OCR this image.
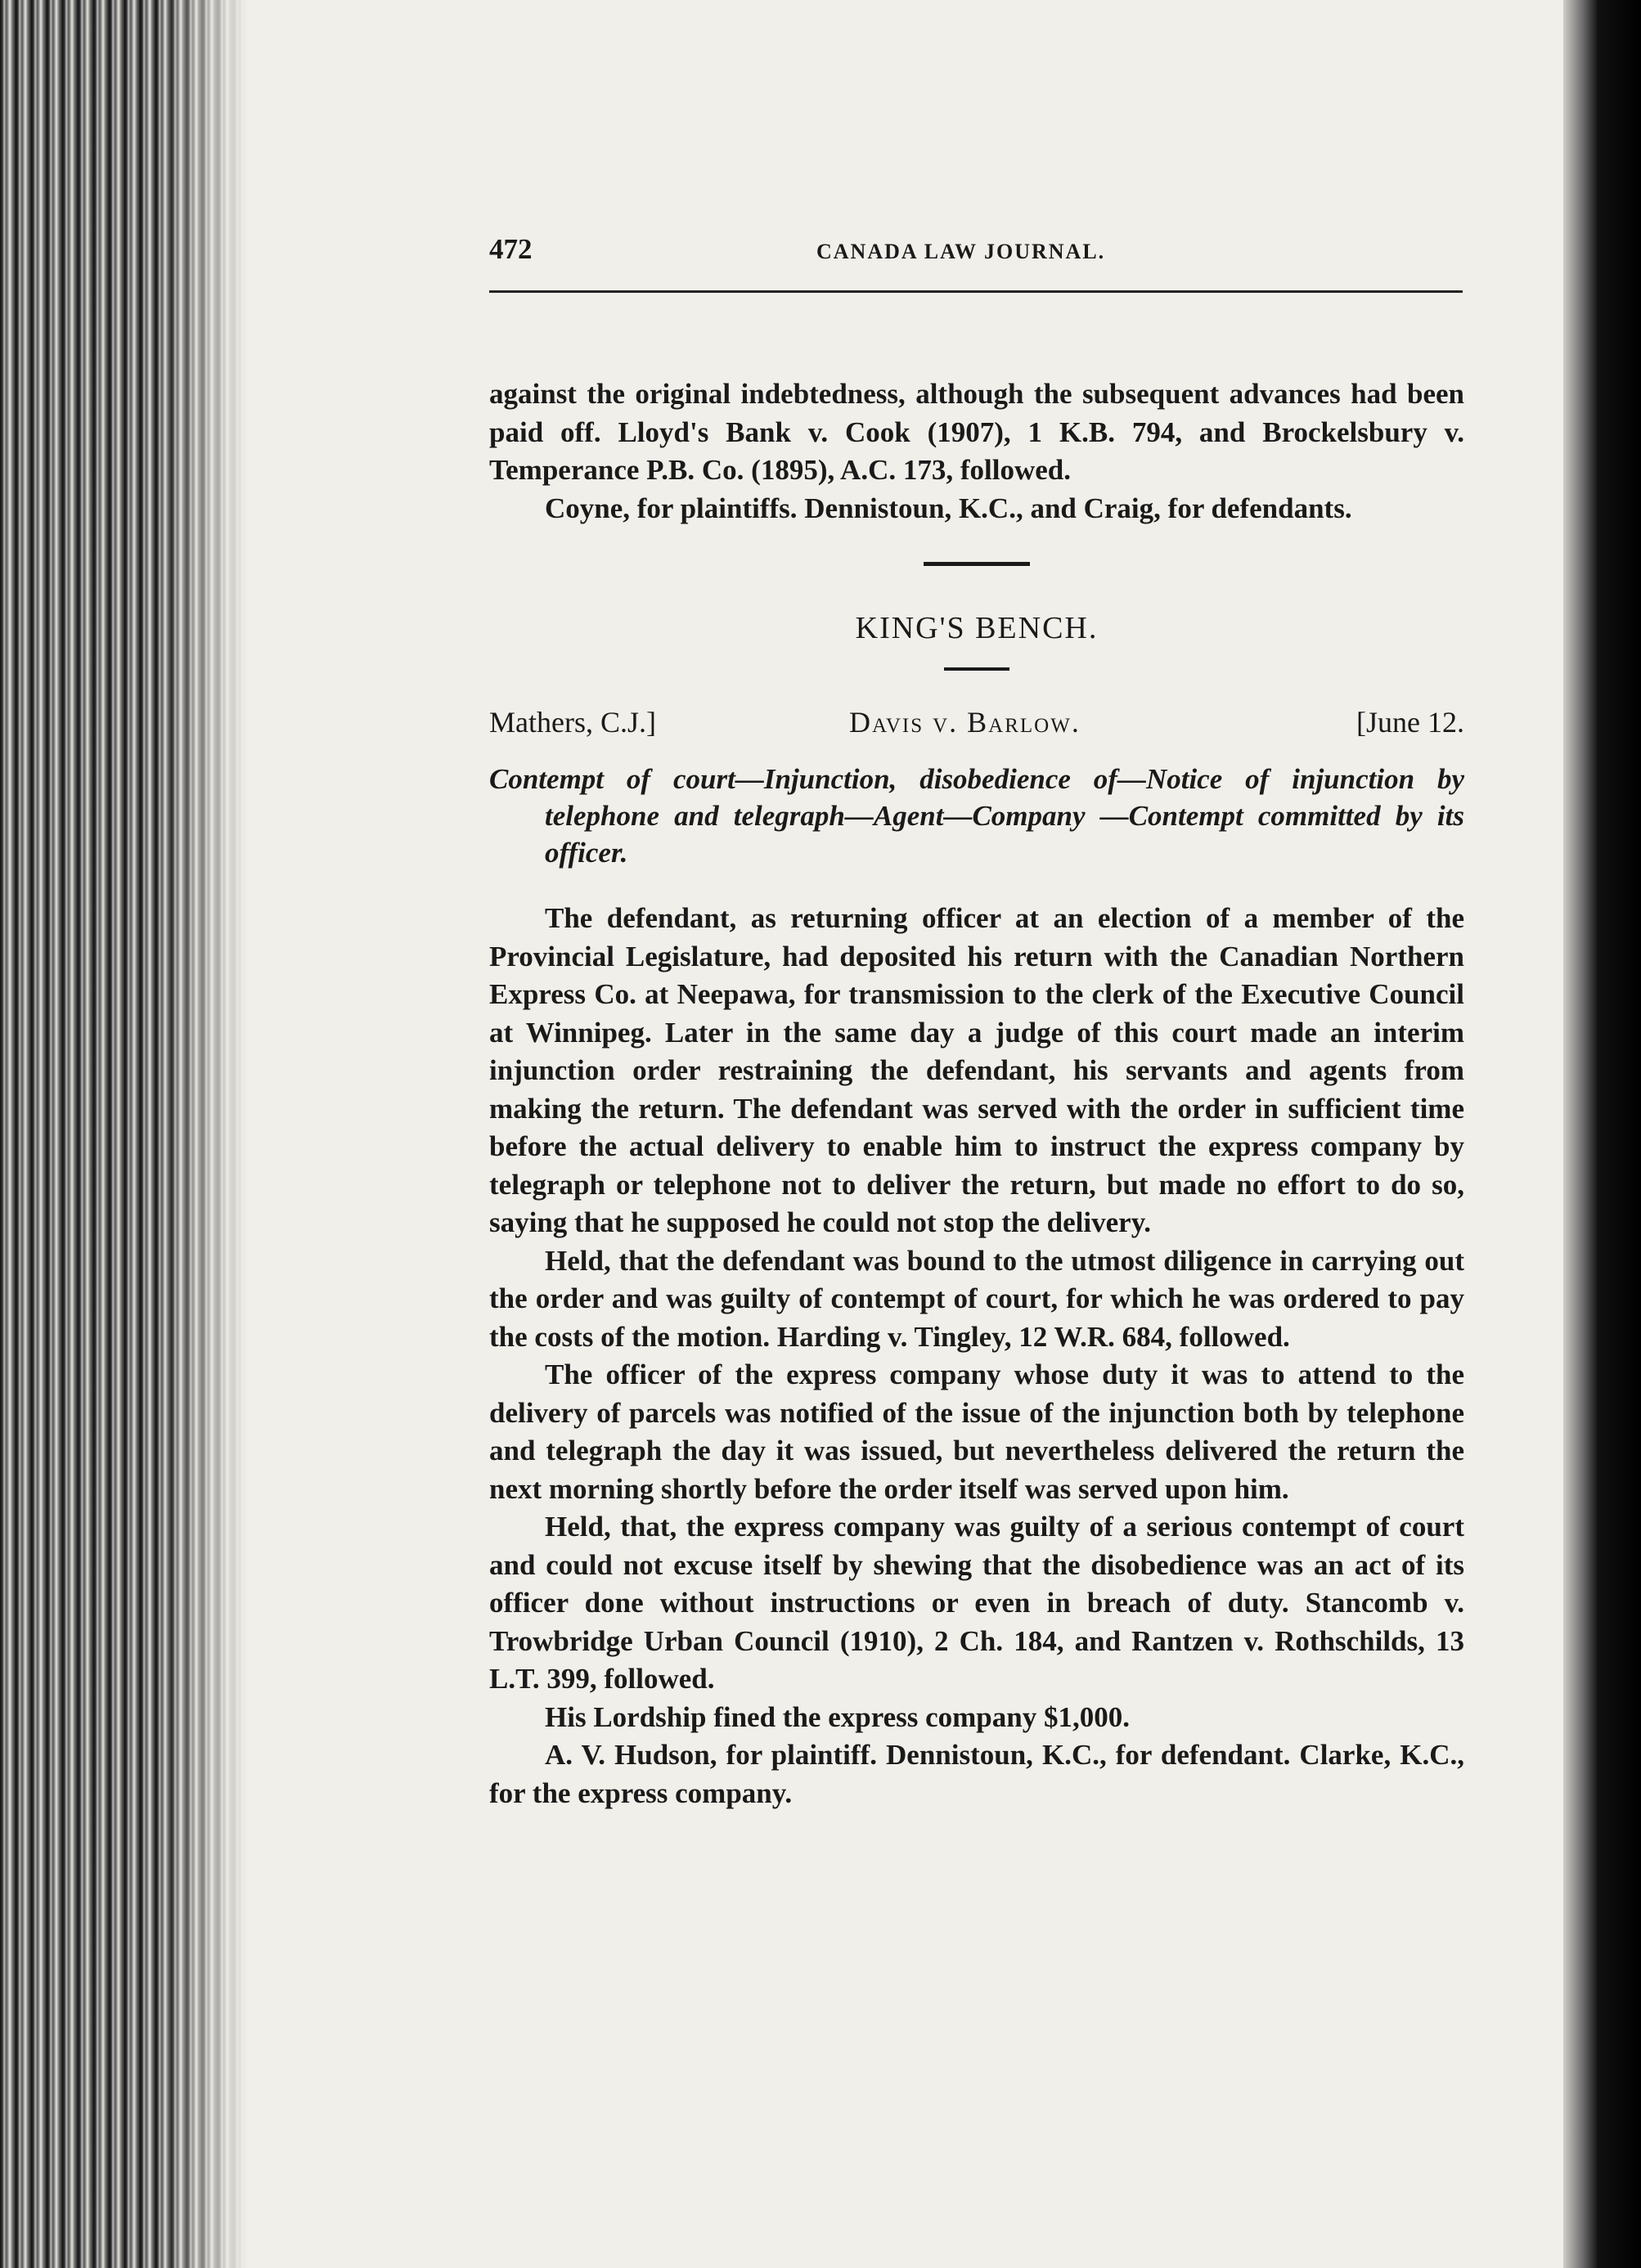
472	CANADA LAW JOURNAL.

against the original indebtedness, although the subsequent advances had been paid off. Lloyd's Bank v. Cook (1907), 1 K.B. 794, and Brockelsbury v. Temperance P.B. Co. (1895), A.C. 173, followed.

Coyne, for plaintiffs. Dennistoun, K.C., and Craig, for defendants.

KING'S BENCH.
Mathers, C.J.]	Davis v. Barlow.	[June 12.

Contempt of court—Injunction, disobedience of—Notice of injunction by telephone and telegraph—Agent—Company —Contempt committed by its officer.

The defendant, as returning officer at an election of a member of the Provincial Legislature, had deposited his return with the Canadian Northern Express Co. at Neepawa, for transmission to the clerk of the Executive Council at Winnipeg. Later in the same day a judge of this court made an interim injunction order restraining the defendant, his servants and agents from making the return. The defendant was served with the order in sufficient time before the actual delivery to enable him to instruct the express company by telegraph or telephone not to deliver the return, but made no effort to do so, saying that he supposed he could not stop the delivery.

Held, that the defendant was bound to the utmost diligence in carrying out the order and was guilty of contempt of court, for which he was ordered to pay the costs of the motion. Harding v. Tingley, 12 W.R. 684, followed.

The officer of the express company whose duty it was to attend to the delivery of parcels was notified of the issue of the injunction both by telephone and telegraph the day it was issued, but nevertheless delivered the return the next morning shortly before the order itself was served upon him.

Held, that, the express company was guilty of a serious contempt of court and could not excuse itself by shewing that the disobedience was an act of its officer done without instructions or even in breach of duty. Stancomb v. Trowbridge Urban Council (1910), 2 Ch. 184, and Rantzen v. Rothschilds, 13 L.T. 399, followed.

His Lordship fined the express company $1,000.

A. V. Hudson, for plaintiff. Dennistoun, K.C., for defendant. Clarke, K.C., for the express company.
